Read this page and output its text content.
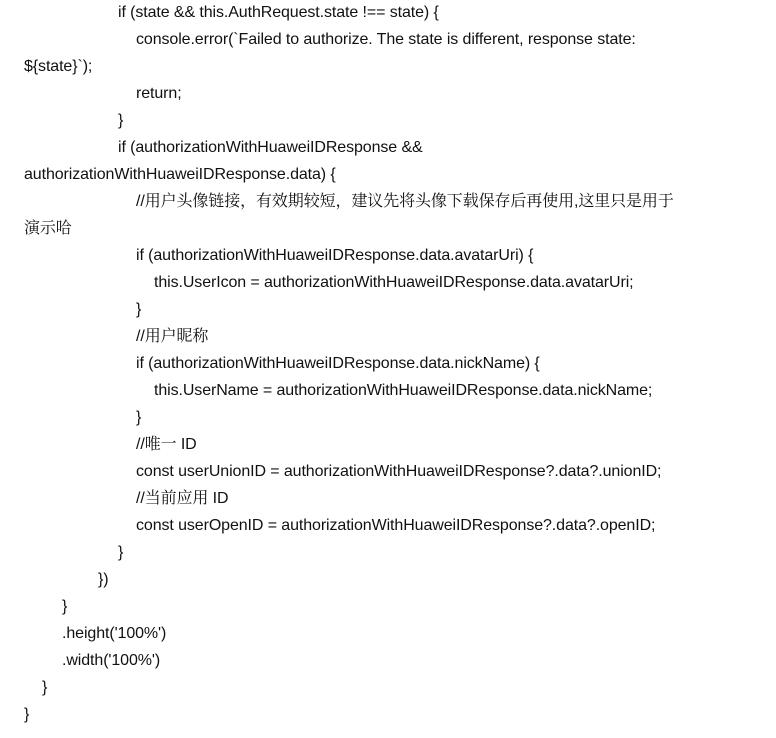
if (state && this.AuthRequest.state !== state) {
console.error(`Failed to authorize. The state is different, response state:
${state}`);
return;
}
if (authorizationWithHuaweiIDResponse &&
authorizationWithHuaweiIDResponse.data) {
//用户头像链接，有效期较短，建议先将头像下载保存后再使用,这里只是用于
演示哈
if (authorizationWithHuaweiIDResponse.data.avatarUri) {
this.UserIcon = authorizationWithHuaweiIDResponse.data.avatarUri;
}
//用户昵称
if (authorizationWithHuaweiIDResponse.data.nickName) {
this.UserName = authorizationWithHuaweiIDResponse.data.nickName;
}
//唯一 ID
const userUnionID = authorizationWithHuaweiIDResponse?.data?.unionID;
//当前应用 ID
const userOpenID = authorizationWithHuaweiIDResponse?.data?.openID;
}
})
}
.height('100%')
.width('100%')
}
}
